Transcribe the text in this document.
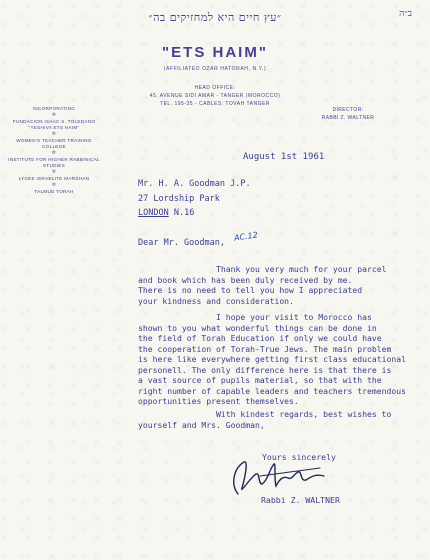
ב״ה
״עץ חיים היא למחזיקים בה״
"ETS HAIM"
(AFFILIATED OZAR HATORAH, N.Y.)
HEAD OFFICE:
45, AVENUE SIDI AMAR - TANGER (MOROCCO)
TEL. 195-35 - CABLES: TOVAH TANGER
DIRECTOR:
RABBI Z. WALTNER
INCORPORATING
✡
FUNDACION ISAAC S. TOLEDANO
"YESHIVA ETS HAIM"
✡
WOMEN'S TEACHER TRAINING
COLLEGE
✡
INSTITUTE FOR HIGHER RABBINICAL
STUDIES
✡
LYCEE ISRAELITE MARSHAN
✡
TALMUD TORAH
August 1st 1961
Mr. H. A. Goodman J.P.
27 Lordship Park
LONDON N.16
Dear Mr. Goodman,
AC.12
Thank you very much for your parcel
and book which has been duly received by me.
There is no need to tell you how I appreciated
your kindness and consideration.
I hope your visit to Morocco has
shown to you what wonderful things can be done in
the field of Torah Education if only we could have
the cooperation of Torah-True Jews. The main problem
is here like everywhere getting first class educational
personell. The only difference here is that there is
a vast source of pupils material, so that with the
right number of capable leaders and teachers tremendous
opportunities present themselves.
With kindest regards, best wishes to
yourself and Mrs. Goodman,
Yours sincerely
Rabbi Z. WALTNER
